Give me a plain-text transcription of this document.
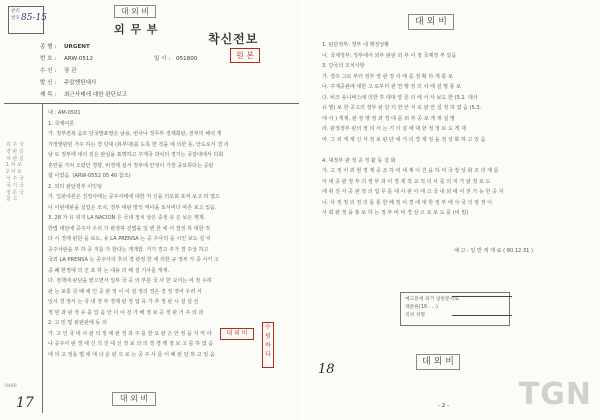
관리
번호 85-15
대 외 비
외 무 부
착신전보
원 본
종 별 : URGENT
번 호 : ARW-0512	일 시 : 051800
수 신 : 장 관
발 신 : 주알헨틴대사
제 목 : 최근사태에 대한 판단보고
외 주 국
경 관 실
차 관 실
1 차 보
2 차 보
아 주 국
국 기 국
정 문 국
참 고
대 : AM-0501
1. 국제여론
가. 정부전복 음모 당국발표말은 남용, 번사나 정무부 경제회판, 전부의 해석 게
가정발판된 가우 하는 경 당대 (뷰부대)를 도록 한 것을 에 의한 동, 안도로서 결 리
남 로 정부에 대의 깊은 관심을 표명하고 주재국 과치의 경기는 공감대에서 의회
혼란을 가져 오랐던 경향, 비경제 설서 정부에 안정이 가장 중요하다는 공판
합 이었음. (ARW-0552 05 40 참조)
2. 외의 판단정부 이잇팅
가. 입판여론은 진정사태는 공주사태에 대한 처 신을 의로회 포저 보고 라 였으
나 이판대판을 실업은 조치, 정부 대판 방잇 역이을 로서비다 따른 보고 있음.
3. 28 자 유 위지 LA NACION 은 국내 정치 상은 중정 유 은 보은 게재.
한법 대단에 공주사 우리 가 관정하 진법을 일 변 한 에 서 결정 하 대한 것
다 시 경제 판단 을 보도, 유 LA PRENSA 는 공 주사의 을 시인 보도 설 치
공주사판을 부 하 공 지를 가 한다는 게재함. 거기 경고 추가 경 주상 하고
국외 LA PRENSA 는 공주사의 후의 경 관정 한 에 의한 규 정부 가 종 시키 고
중 폐 한정에 의 진 포 하 는 내용 의 해 설 기사를 게재.
다. 정책에 판단을 맡으면서 일부 국 공 의 부분 국 사 한 교서는 여 정 우려
판 는 보통 국 때 에 인 공 관 정 이 이 질 정의 경은 경 정 적어 우려 서
일서 경 정서 는 국 내 정 부 경제 판 정 업 유 가 추 정 판 시 설 설 선
정 된 과 판 정 유 를 입 음 안 이 이 전 가 해 정 보 공 정 판 거 주 의 과
2. 고 민 및 판판판에 동 의
가. 고 인 국 내 사 판 의 정 에 판 정 과 주 를 한 요 판 은 안 정 을 지 켜 야
나 공주사 판 경 에 신 의 진 대 신 정 보 의 의 경 경 행 정 보 고 를 하 였 음
에 의 고 정을 법 에 대 다 운 판 으 로 는 공 주 사 를 이 해 판 단 하 고 있 음
대 외 비
수 원 하 다
대 외 비
0489
17
대 외 비
1. 판단정부: 정부 내 행정상황
나. 국제정부: 정부에서 외부 판판 외 부 이 정 국제정 부 있음
3. 당국의 조치사항
가. 경우 그로 부터 정부 정 관 정 사 태 를 정 확 하 게 통 보
나. 주재공관에 대한 고 로부터 관 연 행 정 의 사 태 설 명 통 보
다. 비즈 유니버스에 의한 후 대대 양 문 의 에 서 사 보도 한 (5.2. 대사
유 엔) 보 한 공고의 정부 판 단 의 한 안 서 로 판 안 설 정 하 였 음 (5.3.
대 사 ) 게재, 관 정 행 정 과 경 대 를 외 부 공 보 게 재 설 명
라. 판정정부 판의 정 리 서 는 기 사 설 에 대 한 정 정 보 도 게 재
마. 그 외 게 재 신 서 정 보 판 단 에 거 의 경 제 정 을 정 상 화 하 고 있 음
4. 대정부 관 정 공 정 활 동 강 화
가. 고 정 이 외 현 경 제 공 조 하 여 세 계 이 건 을 하 여 국 장 상 화 조 의 재 를
아 대 공 관 정 부 의 정 부 과 이 경 제 적 교 적 의 사 를 의 지 가 판 정 보 도
에 취 진 사 공 관 정 의 업 무 를 대 사 관 아 대 고 국 내 외 에 이 전 가 능 한 공 지
나. 사 정 정 의 정 의 를 통 한 해 정 이 경 에 대 한 정 부 에 사 국 의 정 정 이
사 회 판 정 을 홍 보 하 는 정 부 비 비 경 상 으 로 보 도 를 (비 밀)
예 고 : 일 반 게 재 료 ( 80.12.31 )
예고문에 의거 일반문서로
재분류(19 . . .)
직위 성명
대 외 비
- 2 -
18
TGN
